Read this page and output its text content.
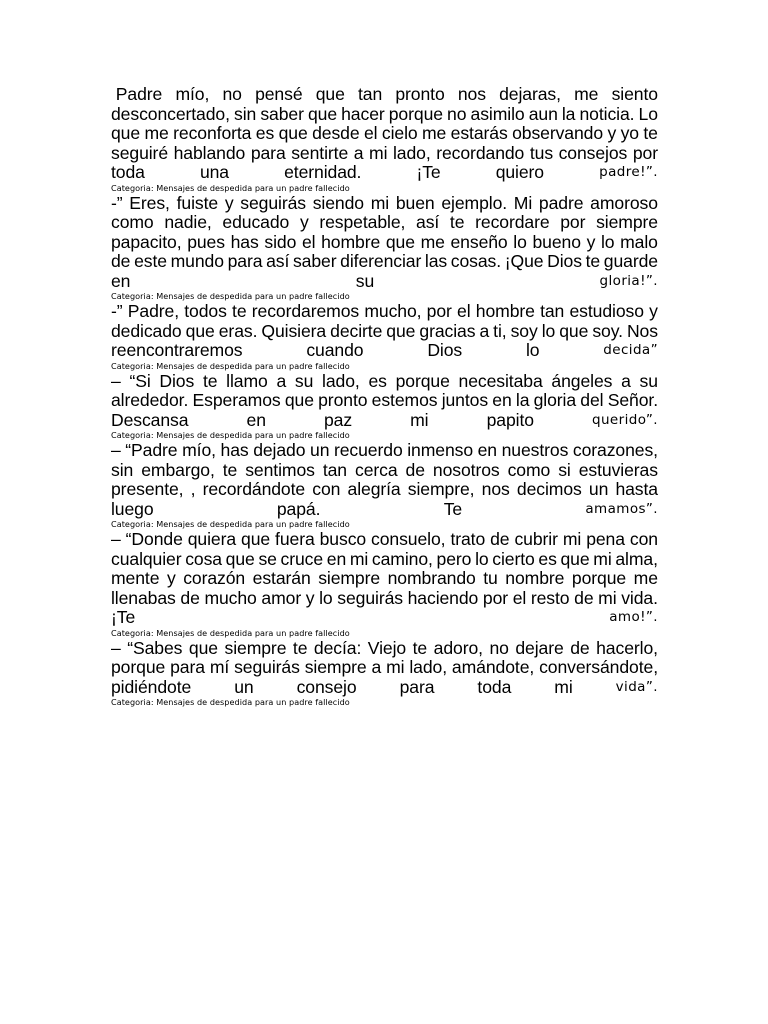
Padre mío, no pensé que tan pronto nos dejaras, me siento
desconcertado, sin saber que hacer porque no asimilo aun la noticia. Lo
que me reconforta es que desde el cielo me estarás observando y yo te
seguiré hablando para sentirte a mi lado, recordando tus consejos por
toda	una	eternidad.	¡Te	quiero	padre!”.
Categoria: Mensajes de despedida para un padre fallecido
-” Eres, fuiste y seguirás siendo mi buen ejemplo. Mi padre amoroso
como nadie, educado y respetable, así te recordare por siempre
papacito, pues has sido el hombre que me enseño lo bueno y lo malo
de este mundo para así saber diferenciar las cosas. ¡Que Dios te guarde
en	su	gloria!”.
Categoria: Mensajes de despedida para un padre fallecido
-” Padre, todos te recordaremos mucho, por el hombre tan estudioso y
dedicado que eras. Quisiera decirte que gracias a ti, soy lo que soy. Nos
reencontraremos	cuando	Dios	lo	decida”
Categoria: Mensajes de despedida para un padre fallecido
– “Si Dios te llamo a su lado, es porque necesitaba ángeles a su
alrededor. Esperamos que pronto estemos juntos en la gloria del Señor.
Descansa	en	paz	mi	papito	querido”.
Categoria: Mensajes de despedida para un padre fallecido
– “Padre mío, has dejado un recuerdo inmenso en nuestros corazones,
sin embargo, te sentimos tan cerca de nosotros como si estuvieras
presente, , recordándote con alegría siempre, nos decimos un hasta
luego	papá.	Te	amamos”.
Categoria: Mensajes de despedida para un padre fallecido
– “Donde quiera que fuera busco consuelo, trato de cubrir mi pena con
cualquier cosa que se cruce en mi camino, pero lo cierto es que mi alma,
mente y corazón estarán siempre nombrando tu nombre porque me
llenabas de mucho amor y lo seguirás haciendo por el resto de mi vida.
¡Te	amo!”.
Categoria: Mensajes de despedida para un padre fallecido
– “Sabes que siempre te decía: Viejo te adoro, no dejare de hacerlo,
porque para mí seguirás siempre a mi lado, amándote, conversándote,
pidiéndote un consejo para toda mi	vida”.
Categoria: Mensajes de despedida para un padre fallecido
